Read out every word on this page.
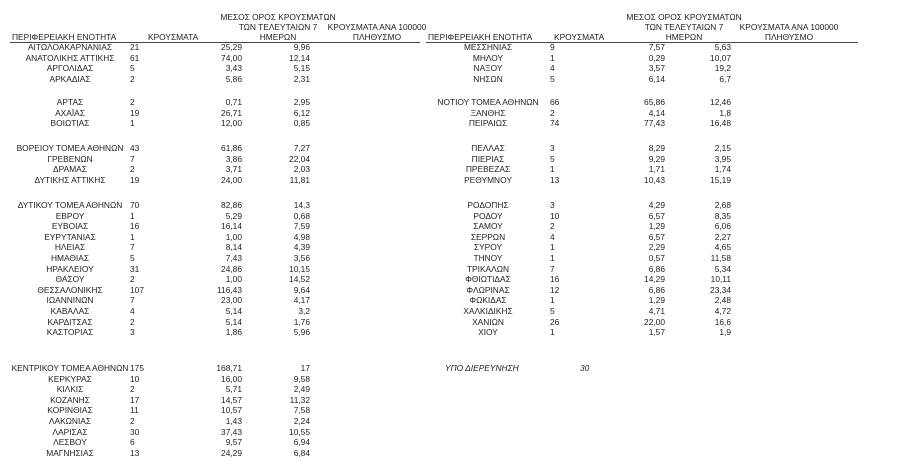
ΠΕΡΙΦΕΡΕΙΑΚΗ ΕΝΟΤΗΤΑ	ΚΡΟΥΣΜΑΤΑ
ΜΕΣΟΣ ΟΡΟΣ ΚΡΟΥΣΜΑΤΩΝ
ΤΩΝ ΤΕΛΕΥΤΑΙΩΝ 7
ΗΜΕΡΩΝ
ΚΡΟΥΣΜΑΤΑ ΑΝΑ 100000
ΠΛΗΘΥΣΜΟ	ΠΕΡΙΦΕΡΕΙΑΚΗ ΕΝΟΤΗΤΑ	ΚΡΟΥΣΜΑΤΑ
ΜΕΣΟΣ ΟΡΟΣ ΚΡΟΥΣΜΑΤΩΝ
ΤΩΝ ΤΕΛΕΥΤΑΙΩΝ 7
ΗΜΕΡΩΝ
ΚΡΟΥΣΜΑΤΑ ΑΝΑ 100000
ΠΛΗΘΥΣΜΟ
ΑΙΤΩΛΟΑΚΑΡΝΑΝΙΑΣ	21	25,29	9,96
ΑΝΑΤΟΛΙΚΗΣ ΑΤΤΙΚΗΣ	61	74,00	12,14
ΑΡΓΟΛΙΔΑΣ	5	3,43	5,15
ΑΡΚΑΔΙΑΣ	2	5,86	2,31
ΑΡΤΑΣ	2	0,71	2,95
ΑΧΑΪΑΣ	19	26,71	6,12
ΒΟΙΩΤΙΑΣ	1	12,00	0,85
ΒΟΡΕΙΟΥ ΤΟΜΕΑ ΑΘΗΝΩΝ 43	61,86	7,27
ΓΡΕΒΕΝΩΝ	7	3,86	22,04
ΔΡΑΜΑΣ	2	3,71	2,03
ΔΥΤΙΚΗΣ ΑΤΤΙΚΗΣ	19	24,00	11,81
ΔΥΤΙΚΟΥ ΤΟΜΕΑ ΑΘΗΝΩΝ 70	82,86	14,3
ΕΒΡΟΥ	1	5,29	0,68
ΕΥΒΟΙΑΣ	16	16,14	7,59
ΕΥΡΥΤΑΝΙΑΣ	1	1,00	4,98
ΗΛΕΙΑΣ	7	8,14	4,39
ΗΜΑΘΙΑΣ	5	7,43	3,56
ΗΡΑΚΛΕΙΟΥ	31	24,86	10,15
ΘΑΣΟΥ	2	1,00	14,52
ΘΕΣΣΑΛΟΝΙΚΗΣ	107	116,43	9,64
ΙΩΑΝΝΙΝΩΝ	7	23,00	4,17
ΚΑΒΑΛΑΣ	4	5,14	3,2
ΚΑΡΔΙΤΣΑΣ	2	5,14	1,76
ΚΑΣΤΟΡΙΑΣ	3	1,86	5,96
ΚΕΝΤΡΙΚΟΥ ΤΟΜΕΑ ΑΘΗΝΩΝ 175	168,71	17
ΚΕΡΚΥΡΑΣ	10	16,00	9,58
ΚΙΛΚΙΣ	2	5,71	2,49
ΚΟΖΑΝΗΣ	17	14,57	11,32
ΚΟΡΙΝΘΙΑΣ	11	10,57	7,58
ΛΑΚΩΝΙΑΣ	2	1,43	2,24
ΛΑΡΙΣΑΣ	30	37,43	10,55
ΛΕΣΒΟΥ	6	9,57	6,94
ΜΑΓΝΗΣΙΑΣ	13	24,29	6,84
ΜΕΣΣΗΝΙΑΣ	9	7,57	5,63
ΜΗΛΟΥ	1	0,29	10,07
ΝΑΞΟΥ	4	3,57	19,2
ΝΗΣΩΝ	5	6,14	6,7
ΝΟΤΙΟΥ ΤΟΜΕΑ ΑΘΗΝΩΝ	66	65,86	12,46
ΞΑΝΘΗΣ	2	4,14	1,8
ΠΕΙΡΑΙΩΣ	74	77,43	16,48
ΠΕΛΛΑΣ	3	8,29	2,15
ΠΙΕΡΙΑΣ	5	9,29	3,95
ΠΡΕΒΕΖΑΣ	1	1,71	1,74
ΡΕΘΥΜΝΟΥ	13	10,43	15,19
ΡΟΔΟΠΗΣ	3	4,29	2,68
ΡΟΔΟΥ	10	6,57	8,35
ΣΑΜΟΥ	2	1,29	6,06
ΣΕΡΡΩΝ	4	6,57	2,27
ΣΥΡΟΥ	1	2,29	4,65
ΤΗΝΟΥ	1	0,57	11,58
ΤΡΙΚΑΛΩΝ	7	6,86	5,34
ΦΘΙΩΤΙΔΑΣ	16	14,29	10,11
ΦΛΩΡΙΝΑΣ	12	6,86	23,34
ΦΩΚΙΔΑΣ	1	1,29	2,48
ΧΑΛΚΙΔΙΚΗΣ	5	4,71	4,72
ΧΑΝΙΩΝ	26	22,00	16,6
ΧΙΟΥ	1	1,57	1,9
ΥΠΟ ΔΙΕΡΕΥΝΗΣΗ	30
